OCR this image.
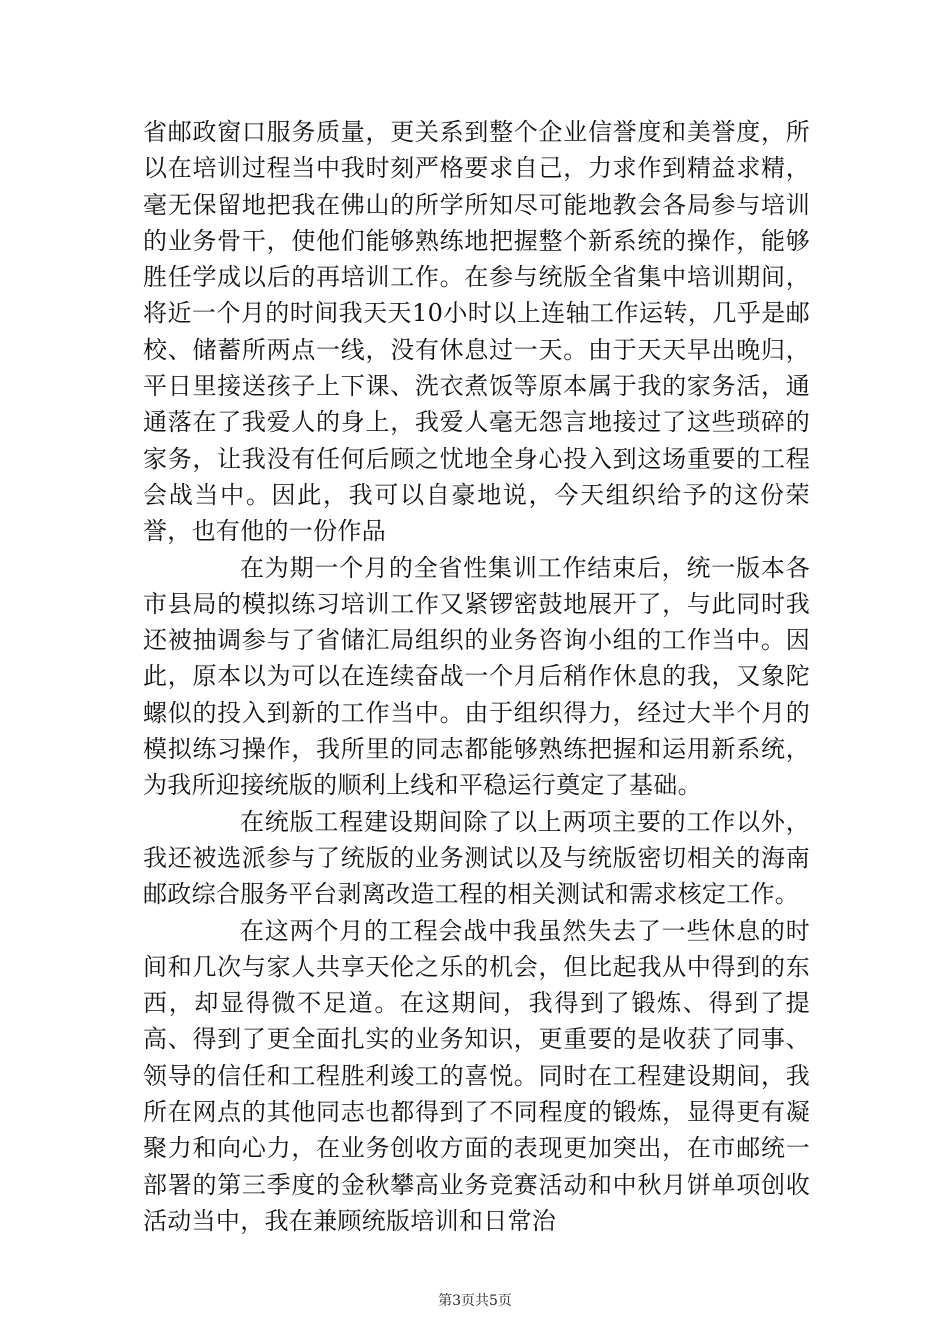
省邮政窗口服务质量，更关系到整个企业信誉度和美誉度，所以在培训过程当中我时刻严格要求自己，力求作到精益求精，毫无保留地把我在佛山的所学所知尽可能地教会各局参与培训的业务骨干，使他们能够熟练地把握整个新系统的操作，能够胜任学成以后的再培训工作。在参与统版全省集中培训期间，将近一个月的时间我天天10小时以上连轴工作运转，几乎是邮校、储蓄所两点一线，没有休息过一天。由于天天早出晚归，平日里接送孩子上下课、洗衣煮饭等原本属于我的家务活，通通落在了我爱人的身上，我爱人毫无怨言地接过了这些琐碎的家务，让我没有任何后顾之忧地全身心投入到这场重要的工程会战当中。因此，我可以自豪地说，今天组织给予的这份荣誉，也有他的一份作品

在为期一个月的全省性集训工作结束后，统一版本各市县局的模拟练习培训工作又紧锣密鼓地展开了，与此同时我还被抽调参与了省储汇局组织的业务咨询小组的工作当中。因此，原本以为可以在连续奋战一个月后稍作休息的我，又象陀螺似的投入到新的工作当中。由于组织得力，经过大半个月的模拟练习操作，我所里的同志都能够熟练把握和运用新系统，为我所迎接统版的顺利上线和平稳运行奠定了基础。

在统版工程建设期间除了以上两项主要的工作以外，我还被选派参与了统版的业务测试以及与统版密切相关的海南邮政综合服务平台剥离改造工程的相关测试和需求核定工作。

在这两个月的工程会战中我虽然失去了一些休息的时间和几次与家人共享天伦之乐的机会，但比起我从中得到的东西，却显得微不足道。在这期间，我得到了锻炼、得到了提高、得到了更全面扎实的业务知识，更重要的是收获了同事、领导的信任和工程胜利竣工的喜悦。同时在工程建设期间，我所在网点的其他同志也都得到了不同程度的锻炼，显得更有凝聚力和向心力，在业务创收方面的表现更加突出，在市邮统一部署的第三季度的金秋攀高业务竞赛活动和中秋月饼单项创收活动当中，我在兼顾统版培训和日常治

第3页共5页
